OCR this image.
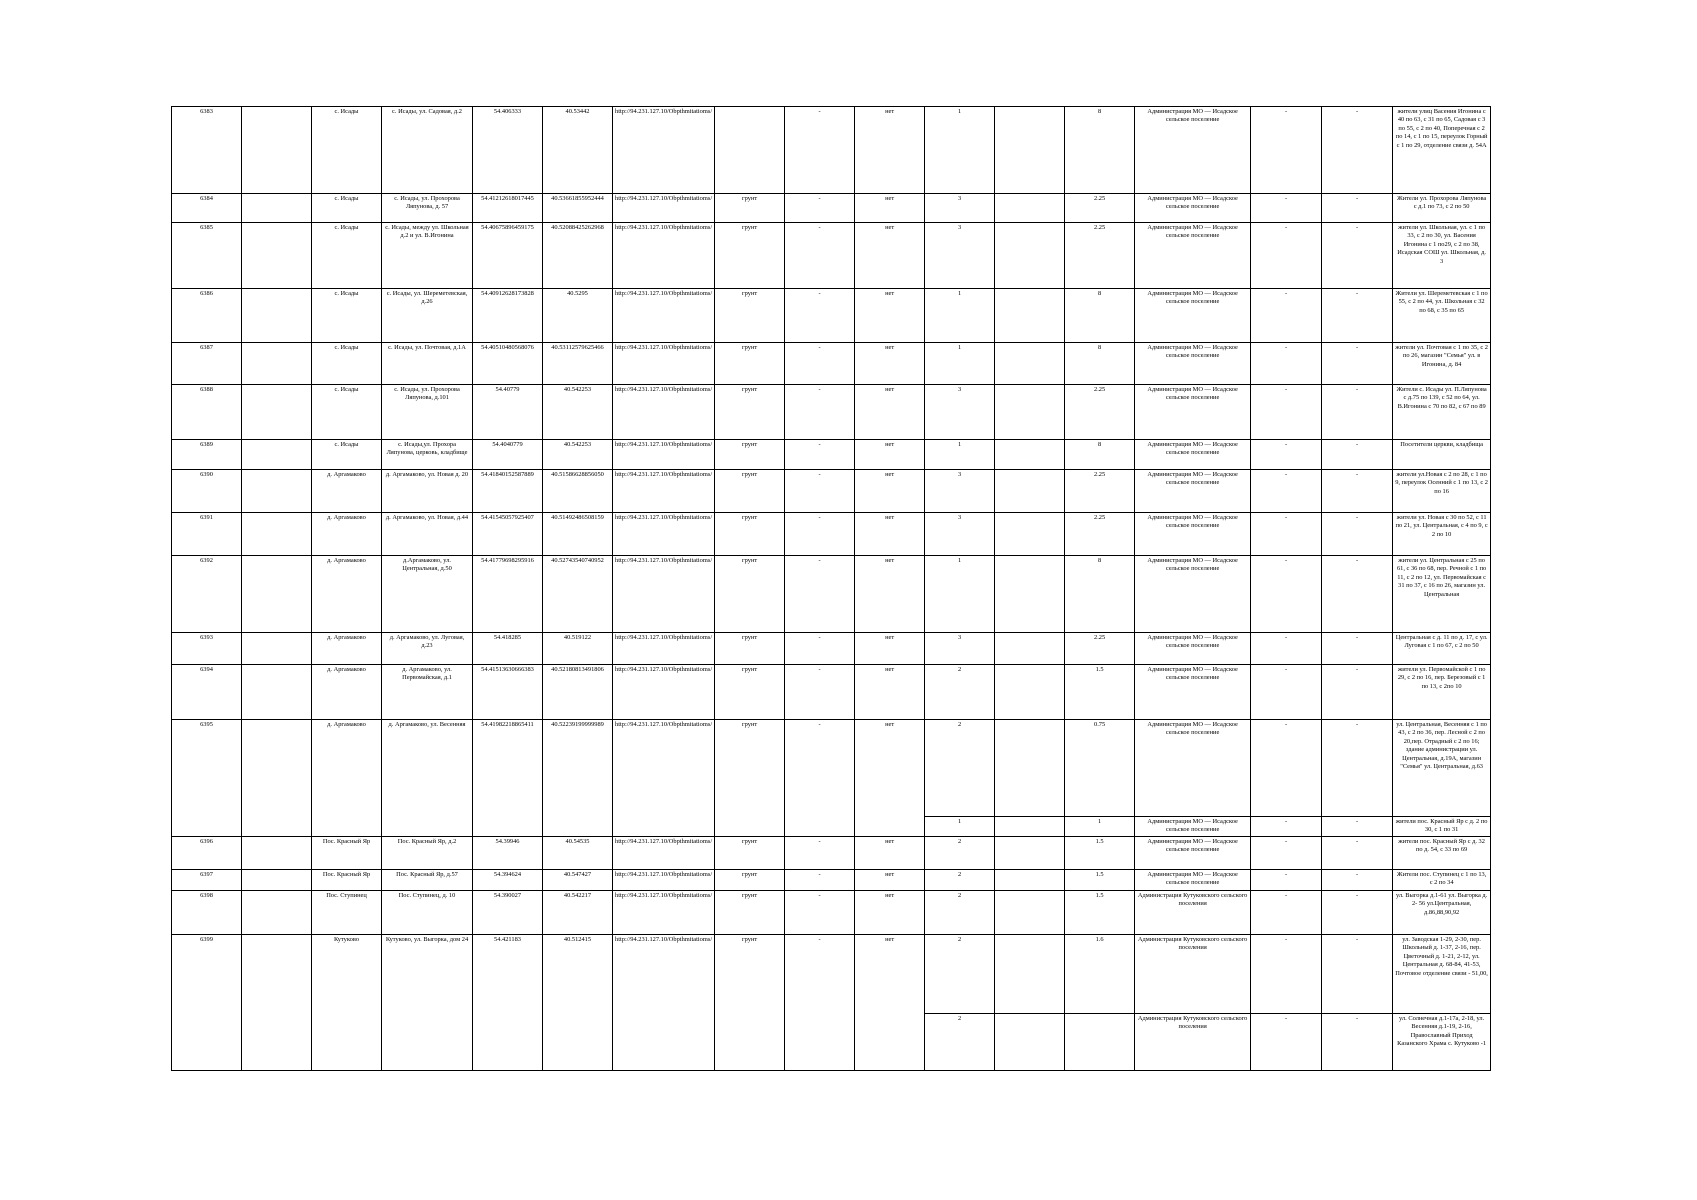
6383		с. Исады	с. Исады, ул. Садовая, д.2	54.406333	40.53442	http://94.231.127.10/Obpthmitatioms/		-	нет	1		8	Администрация МО — Исадское сельское поселение	-	-	жители улиц Васения Игонина с 40 по 63, с 31 по 65, Садовая с 3 по 55, с 2 по 40, Поперечная с 2 по 14, с 1 по 15, переулок Горный с 1 по 29, отделение связи д. 54А
6384		с. Исады	с. Исады, ул. Прохорова Ляпунова, д. 57	54.41212618017445	40.53661855952444	http://94.231.127.10/Obpthmitatioms/	грунт	-	нет	3		2.25	Администрация МО — Исадское сельское поселение	-	-	Жители ул. Прохорова Ляпунова с д.1 по 73, с 2 по 50
6385		с. Исады	с. Исады, между ул. Школьная д.2 и ул. В.Игонина	54.40675896459175	40.52088425262968	http://94.231.127.10/Obpthmitatioms/	грунт	-	нет	3		2.25	Администрация МО — Исадское сельское поселение	-	-	жители ул. Школьная, ул. с 1 по 33, с 2 по 30, ул. Васения Игонина с 1 по29, с 2 по 38, Исадская СОШ ул. Школьная, д. 3
6386		с. Исады	с. Исады, ул. Шереметевская, д.26	54.40912628173828	40.5295	http://94.231.127.10/Obpthmitatioms/	грунт	-	нет	1		8	Администрация МО — Исадское сельское поселение	-	-	Жители ул. Шереметевская с 1 по 55, с 2 по 44, ул. Школьная с 32 по 68, с 35 по 65
6387		с. Исады	с. Исады, ул. Почтовая, д.1А	54.40510480568076	40.53112579625466	http://94.231.127.10/Obpthmitatioms/	грунт	-	нет	1		8	Администрация МО — Исадское сельское поселение	-	-	жители ул. Почтовая с 1 по 35, с 2 по 26, магазин "Семья" ул. в Игонина, д. 84
6388		с. Исады	с. Исады, ул. Прохорова Ляпунова, д.101	54.40779	40.542253	http://94.231.127.10/Obpthmitatioms/	грунт	-	нет	3		2.25	Администрация МО — Исадское сельское поселение	-	-	Жители с. Исады ул. П.Ляпунова с д.75 по 139, с 52 по 64, ул. В.Игонина с 70 по 82, с 67 по 89
6389		с. Исады	с. Исады,ул. Прохора Ляпунова, церковь, кладбище	54.4040779	40.542253	http://94.231.127.10/Obpthmitatioms/	грунт	-	нет	1		8	Администрация МО — Исадское сельское поселение	-	-	Посетители церкви, кладбища
6390		д. Аргамаково	д. Аргамаково, ул. Новая д. 20	54.41840152587889	40.51586628856050	http://94.231.127.10/Obpthmitatioms/	грунт	-	нет	3		2.25	Администрация МО — Исадское сельское поселение	-	-	жители ул.Новая с 2 по 28, с 1 по 9, переулок Осенний с 1 по 13, с 2 по 16
6391		д. Аргамаково	д. Аргамаково, ул. Новая, д.44	54.41545057925407	40.51492486508159	http://94.231.127.10/Obpthmitatioms/	грунт	-	нет	3		2.25	Администрация МО — Исадское сельское поселение	-	-	жители ул. Новая с 30 по 52, с 11 по 21, ул. Центральная, с 4 по 9, с 2 по 10
6392		д. Аргамаково	д.Аргамаково, ул. Центральная, д.50	54.41779698295916	40.52743540740952	http://94.231.127.10/Obpthmitatioms/	грунт	-	нет	1		8	Администрация МО — Исадское сельское поселение	-	-	жители ул. Центральная с 25 по 61, с 36 по 68, пер. Речной с 1 по 11, с 2 по 12, ул. Первомайская с 31 по 37, с 16 по 26, магазин ул. Центральная
6393		д. Аргамаково	д. Аргамаково, ул. Луговая, д.23	54.418285	40.519122	http://94.231.127.10/Obpthmitatioms/	грунт	-	нет	3		2.25	Администрация МО — Исадское сельское поселение	-	-	Центральная с д. 11 по д. 17, с ул. Луговая с 1 по 67, с 2 по 50
6394		д. Аргамаково	д. Аргамаково, ул. Первомайская, д.1	54.41513630666383	40.52180813491806	http://94.231.127.10/Obpthmitatioms/	грунт	-	нет	2		1.5	Администрация МО — Исадское сельское поселение	-	-	жители ул. Первомайской с 1 по 29, с 2 по 16, пер. Березовый с 1 по 13, с 2по 10
6395		д. Аргамаково	д. Аргамаково, ул. Весенняя	54.41982218865411	40.52239199999989	http://94.231.127.10/Obpthmitatioms/	грунт	-	нет	2		0.75	Администрация МО — Исадское сельское поселение	-	-	ул. Центральная, Весенняя с 1 по 43, с 2 по 36, пер. Лесной с 2 по 20,пер. Отрадный с 2 по 16; здание администрации ул. Центральная, д.19А, магазин "Семья" ул. Центральная, д.63
										1		1	Администрация МО — Исадское сельское поселение	-	-	жители пос. Красный Яр с д. 2 по 30, с 1 по 31
6396		Пос. Красный Яр	Пос. Красный Яр, д.2	54.39946	40.54535	http://94.231.127.10/Obpthmitatioms/	грунт	-	нет	2		1.5	Администрация МО — Исадское сельское поселение	-	-	жители пос. Красный Яр с д. 32 по д. 54, с 33 по 69
6397		Пос. Красный Яр	Пос. Красный Яр, д.57	54.394624	40.547427	http://94.231.127.10/Obpthmitatioms/	грунт	-	нет	2		1.5	Администрация МО — Исадское сельское поселение	-	-	Жители пос. Ступинец с 1 по 13, с 2 по 34
6398		Пос. Ступинец	Пос. Ступинец, д. 10	54.390027	40.542217	http://94.231.127.10/Obpthmitatioms/	грунт	-	нет	2		1.5	Администрация Кутуковского сельского поселения	-	-	ул. Выгорка д.1-61 ул. Выгорка д. 2- 56 ул.Центральная, д.86,88,90,92
6399		Кутуково	Кутуково, ул. Выгорка, дом 24	54.421183	40.512415	http://94.231.127.10/Obpthmitatioms/	грунт	-	нет	2		1.6	Администрация Кутуковского сельского поселения	-	-	ул. Заводская 1-29, 2-30, пер. Школьный д. 1-37, 2-16, пер. Цветочный д. 1-21, 2-12, ул. Центральная д. 68-84, 41-53, Почтовое отделение связи - 51,00,
										2			Администрация Кутуковского сельского поселения	-	-	ул. Солнечная д.1-17а, 2-18, ул. Весенняя д.1-19, 2-16, Православный Приход Казанского Храма с. Кутуково -1
